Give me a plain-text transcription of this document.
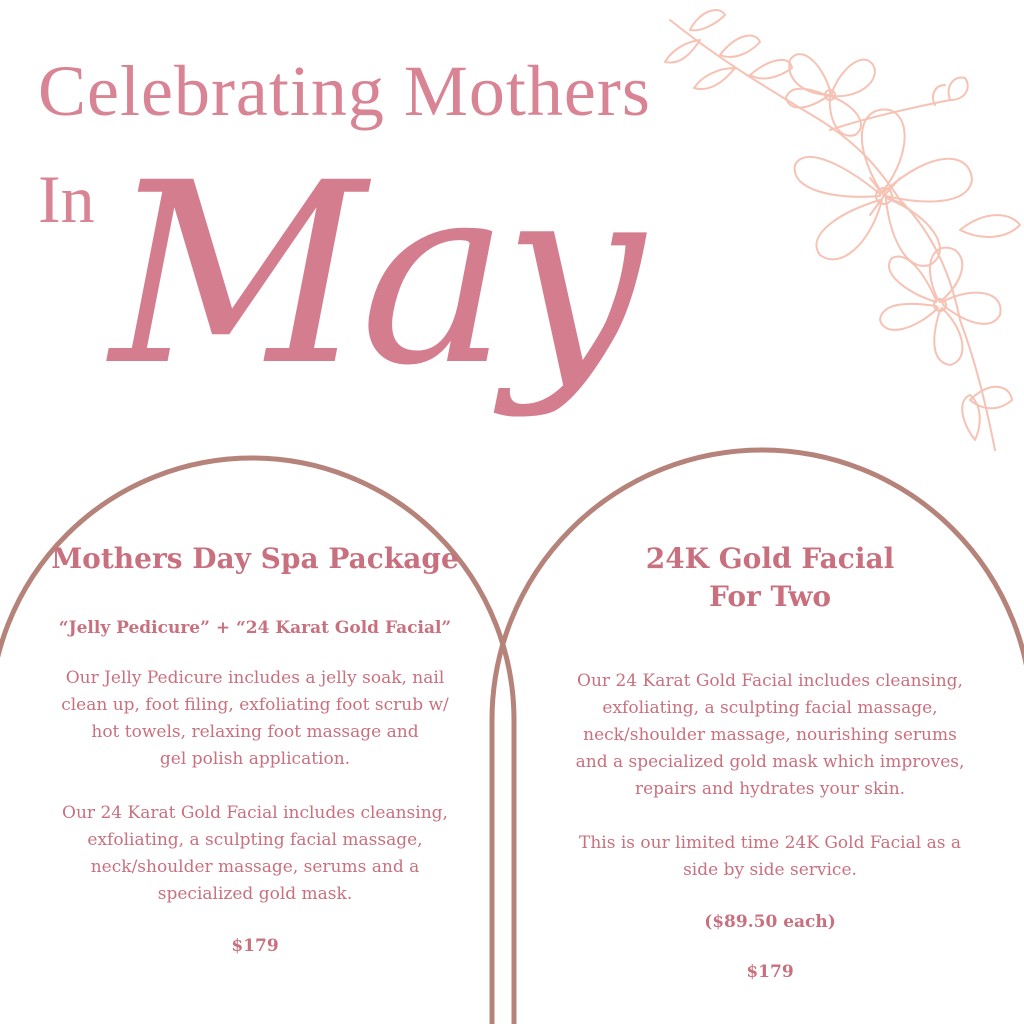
Celebrating Mothers
In May
Mothers Day Spa Package
“Jelly Pedicure” + “24 Karat Gold Facial”
Our Jelly Pedicure includes a jelly soak, nail
clean up, foot filing, exfoliating foot scrub w/
hot towels, relaxing foot massage and
gel polish application.
Our 24 Karat Gold Facial includes cleansing,
exfoliating, a sculpting facial massage,
neck/shoulder massage, serums and a
specialized gold mask.
$179
24K Gold Facial
For Two
Our 24 Karat Gold Facial includes cleansing,
exfoliating, a sculpting facial massage,
neck/shoulder massage, nourishing serums
and a specialized gold mask which improves,
repairs and hydrates your skin.
This is our limited time 24K Gold Facial as a
side by side service.
($89.50 each)
$179
